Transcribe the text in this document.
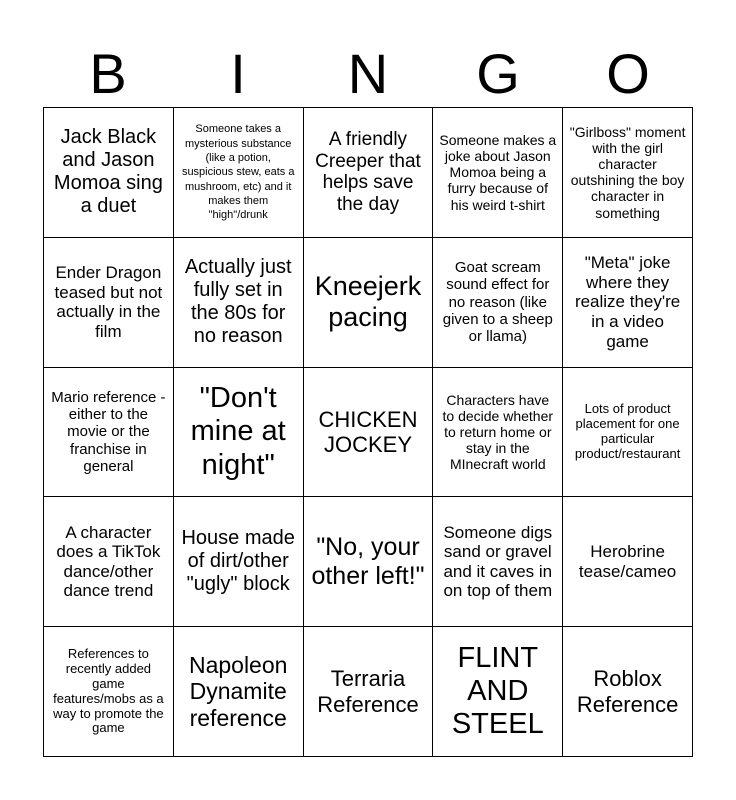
B	I	N	G	O
Jack Black and Jason Momoa sing a duet
Someone takes a mysterious substance (like a potion, suspicious stew, eats a mushroom, etc) and it makes them "high"/drunk
A friendly Creeper that helps save the day
Someone makes a joke about Jason Momoa being a furry because of his weird t-shirt
"Girlboss" moment with the girl character outshining the boy character in something
Ender Dragon teased but not actually in the film
Actually just fully set in the 80s for no reason
Kneejerk pacing
Goat scream sound effect for no reason (like given to a sheep or llama)
"Meta" joke where they realize they're in a video game
Mario reference - either to the movie or the franchise in general
"Don't mine at night"
CHICKEN JOCKEY
Characters have to decide whether to return home or stay in the MInecraft world
Lots of product placement for one particular product/restaurant
A character does a TikTok dance/other dance trend
House made of dirt/other "ugly" block
"No, your other left!"
Someone digs sand or gravel and it caves in on top of them
Herobrine tease/cameo
References to recently added game features/mobs as a way to promote the game
Napoleon Dynamite reference
Terraria Reference
FLINT AND STEEL
Roblox Reference
